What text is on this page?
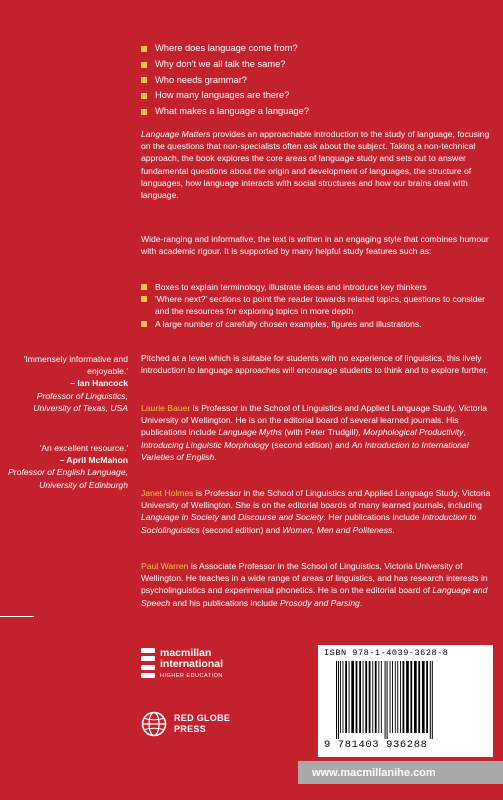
Where does language come from?
Why don't we all talk the same?
Who needs grammar?
How many languages are there?
What makes a language a language?

Language Matters provides an approachable introduction to the study of language, focusing on the questions that non-specialists often ask about the subject. Taking a non-technical approach, the book explores the core areas of language study and sets out to answer fundamental questions about the origin and development of languages, the structure of languages, how language interacts with social structures and how our brains deal with language.

Wide-ranging and informative, the text is written in an engaging style that combines humour with academic rigour. It is supported by many helpful study features such as:

Boxes to explain terminology, illustrate ideas and introduce key thinkers
'Where next?' sections to point the reader towards related topics, questions to consider and the resources for exploring topics in more depth
A large number of carefully chosen examples, figures and illustrations.

Pitched at a level which is suitable for students with no experience of linguistics, this lively introduction to language approaches will encourage students to think and to explore further.

'Immensely informative and enjoyable.'
– Ian Hancock
Professor of Linguistics, University of Texas, USA
'An excellent resource.'
– April McMahon
Professor of English Language, University of Edinburgh

Laurie Bauer is Professor in the School of Linguistics and Applied Language Study, Victoria University of Wellington. He is on the editorial board of several learned journals. His publications include Language Myths (with Peter Trudgill), Morphological Productivity, Introducing Linguistic Morphology (second edition) and An Introduction to International Varieties of English.

Janet Holmes is Professor in the School of Linguistics and Applied Language Study, Victoria University of Wellington. She is on the editorial boards of many learned journals, including Language in Society and Discourse and Society. Her publications include Introduction to Sociolinguistics (second edition) and Women, Men and Politeness.

Paul Warren is Associate Professor in the School of Linguistics, Victoria University of Wellington. He teaches in a wide range of areas of linguistics, and has research interests in psycholinguistics and experimental phonetics. He is on the editorial board of Language and Speech and his publications include Prosody and Parsing.

macmillan
international
HIGHER EDUCATION
RED GLOBE
PRESS
ISBN 978-1-4039-3628-8
9 781403 936288
www.macmillanihe.com
